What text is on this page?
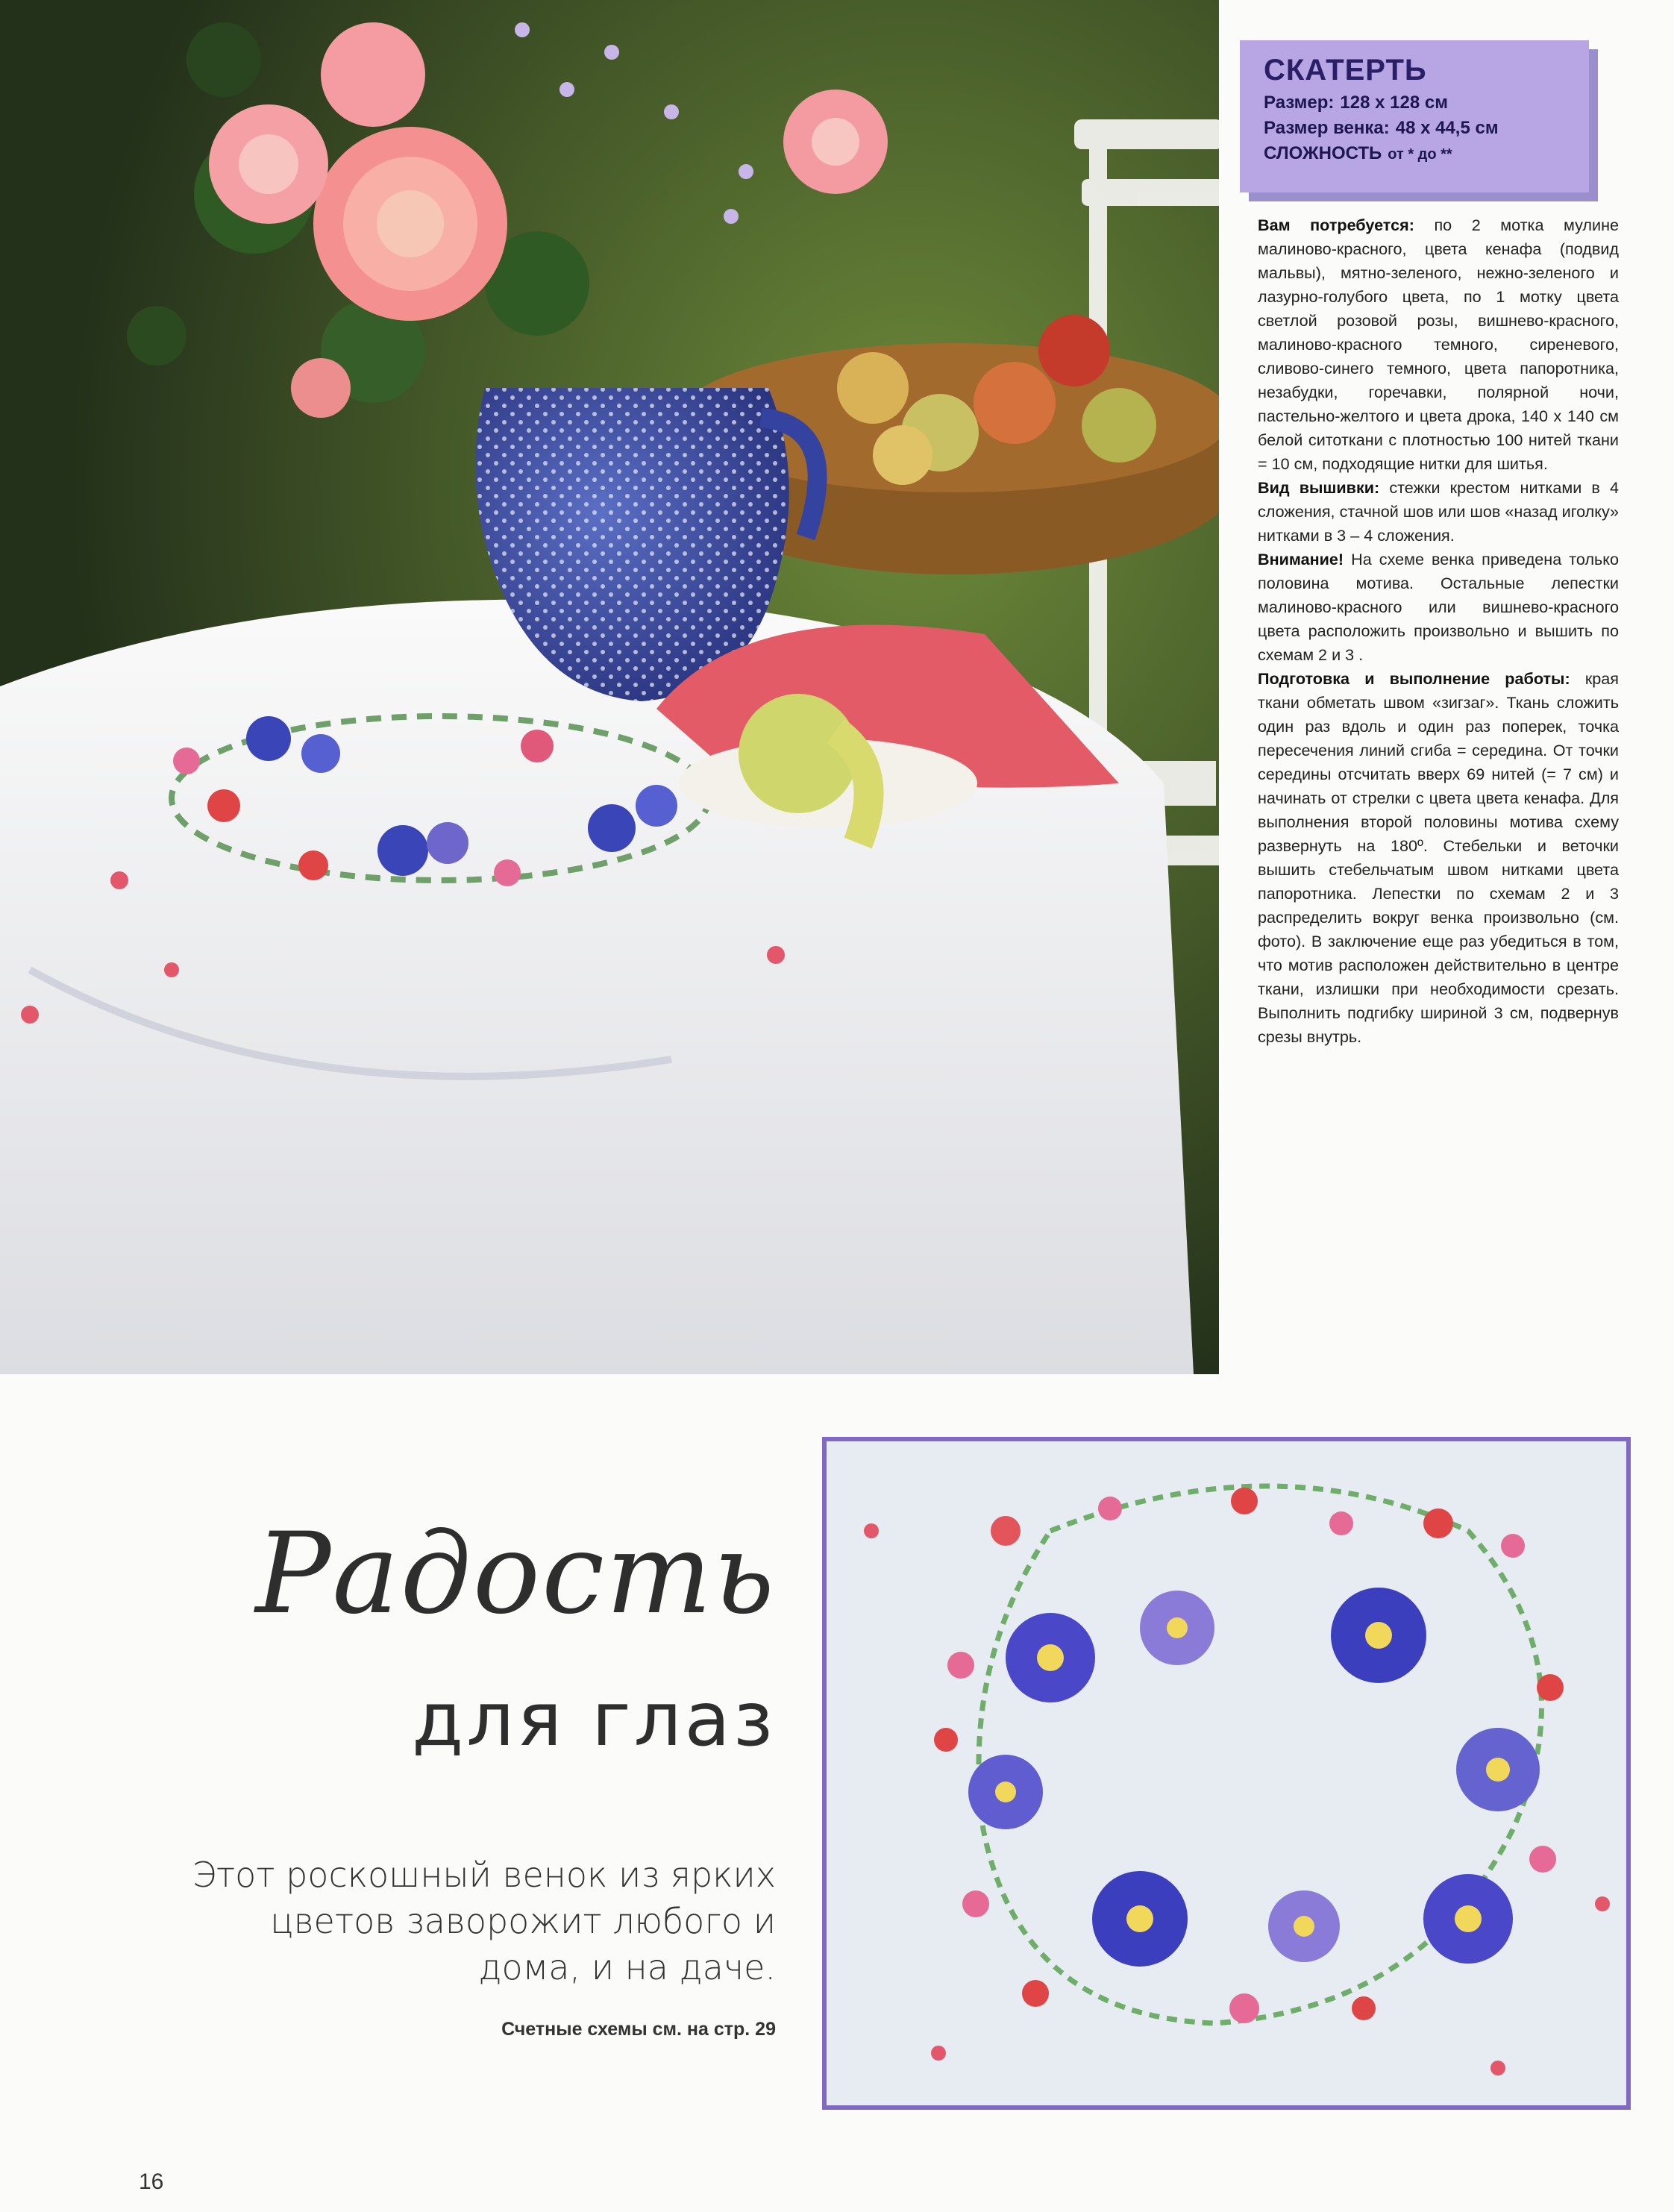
СКАТЕРТЬ
Размер: 128 х 128 см
Размер венка: 48 х 44,5 см
СЛОЖНОСТЬ от * до **

Вам потребуется: по 2 мотка мулине малиново-красного, цвета кенафа (подвид мальвы), мятно-зеленого, нежно-зеленого и лазурно-голубого цвета, по 1 мотку цвета светлой розовой розы, вишнево-красного, малиново-красного темного, сиреневого, сливово-синего темного, цвета папоротника, незабудки, горечавки, полярной ночи, пастельно-желтого и цвета дрока, 140 х 140 см белой ситоткани с плотностью 100 нитей ткани = 10 см, подходящие нитки для шитья.

Вид вышивки: стежки крестом нитками в 4 сложения, стачной шов или шов «назад иголку» нитками в 3 – 4 сложения.

Внимание! На схеме венка приведена только половина мотива. Остальные лепестки малиново-красного или вишнево-красного цвета расположить произвольно и вышить по схемам 2 и 3 .

Подготовка и выполнение работы: края ткани обметать швом «зигзаг». Ткань сложить один раз вдоль и один раз поперек, точка пересечения линий сгиба = середина. От точки середины отсчитать вверх 69 нитей (= 7 см) и начинать от стрелки с цвета цвета кенафа. Для выполнения второй половины мотива схему развернуть на 180º. Стебельки и веточки вышить стебельчатым швом нитками цвета папоротника. Лепестки по схемам 2 и 3 распределить вокруг венка произвольно (см. фото). В заключение еще раз убедиться в том, что мотив расположен действительно в центре ткани, излишки при необходимости срезать. Выполнить подгибку шириной 3 см, подвернув срезы внутрь.

Радость
для глаз
Этот роскошный венок из ярких
цветов заворожит любого и
дома, и на даче.
Счетные схемы см. на стр. 29
16
